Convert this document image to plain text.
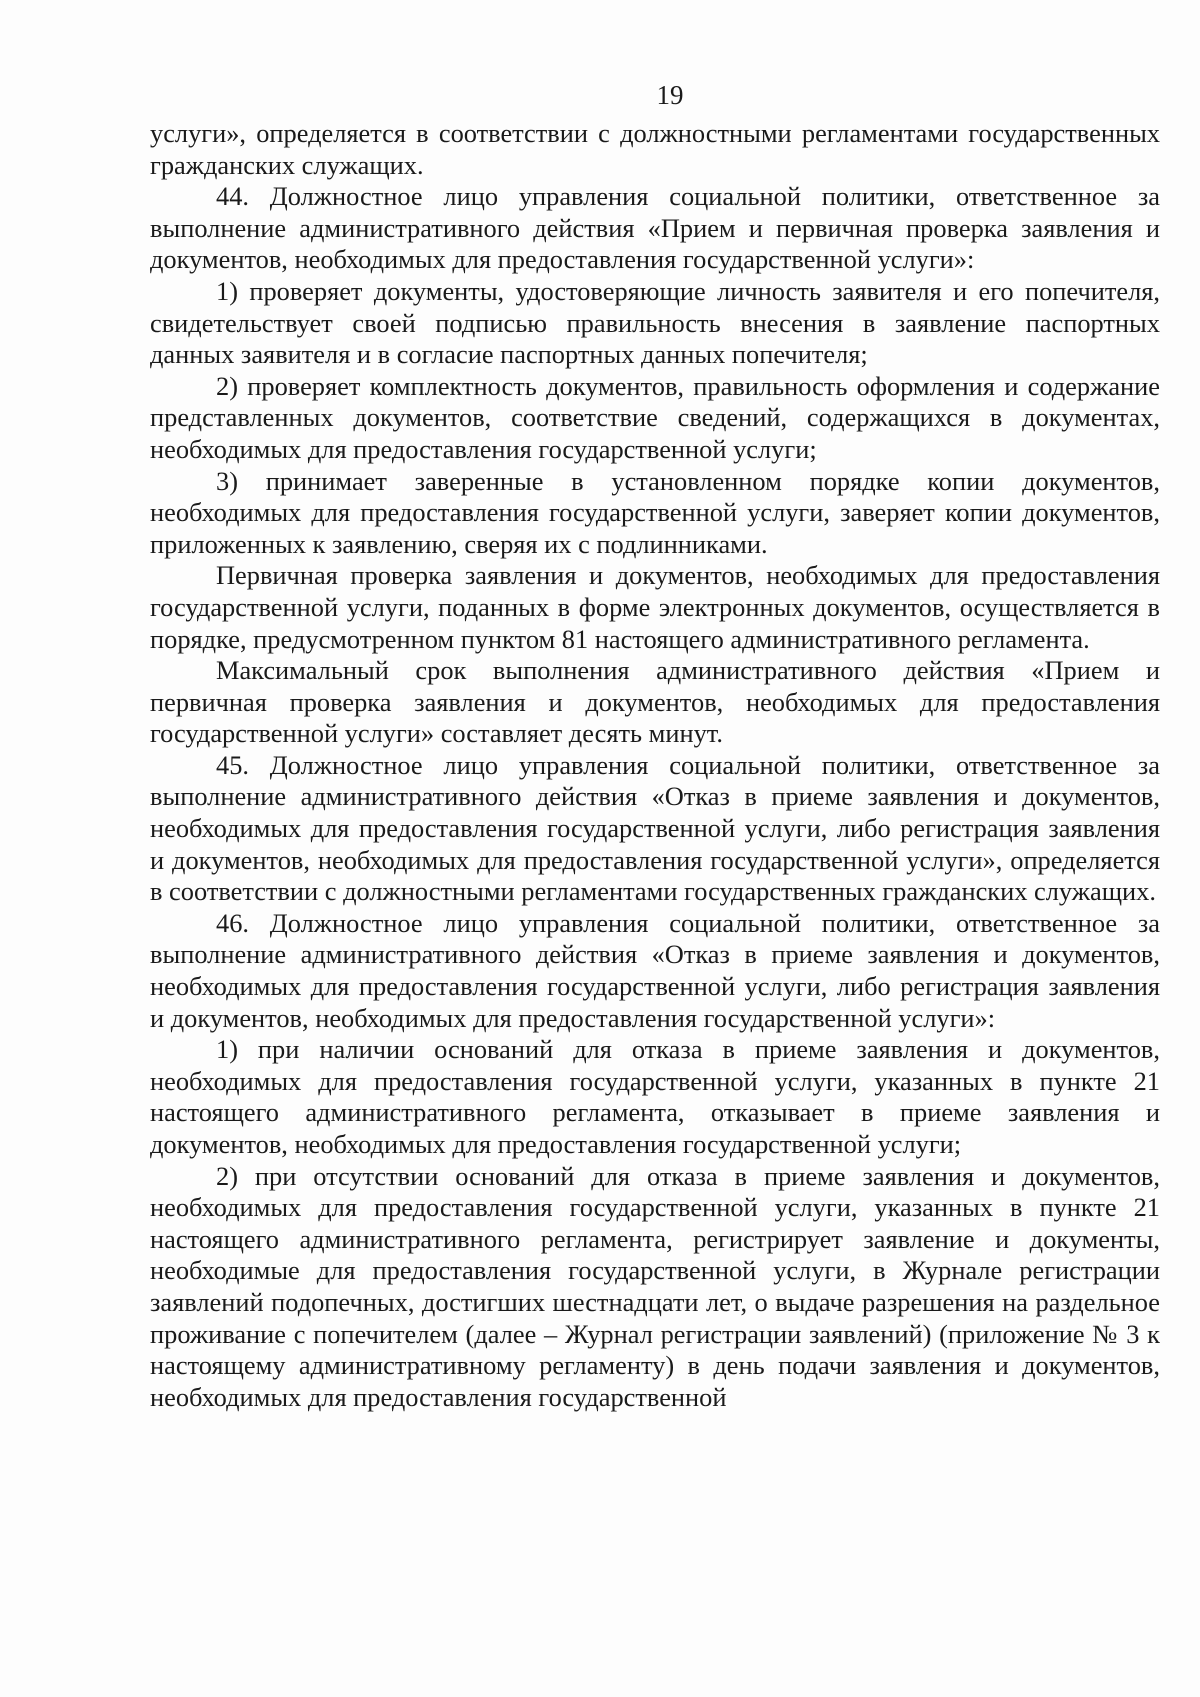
19

услуги», определяется в соответствии с должностными регламентами государственных гражданских служащих.

44. Должностное лицо управления социальной политики, ответственное за выполнение административного действия «Прием и первичная проверка заявления и документов, необходимых для предоставления государственной услуги»:

1) проверяет документы, удостоверяющие личность заявителя и его попечителя, свидетельствует своей подписью правильность внесения в заявление паспортных данных заявителя и в согласие паспортных данных попечителя;

2) проверяет комплектность документов, правильность оформления и содержание представленных документов, соответствие сведений, содержащихся в документах, необходимых для предоставления государственной услуги;

3) принимает заверенные в установленном порядке копии документов, необходимых для предоставления государственной услуги, заверяет копии документов, приложенных к заявлению, сверяя их с подлинниками.

Первичная проверка заявления и документов, необходимых для предоставления государственной услуги, поданных в форме электронных документов, осуществляется в порядке, предусмотренном пунктом 81 настоящего административного регламента.

Максимальный срок выполнения административного действия «Прием и первичная проверка заявления и документов, необходимых для предоставления государственной услуги» составляет десять минут.

45. Должностное лицо управления социальной политики, ответственное за выполнение административного действия «Отказ в приеме заявления и документов, необходимых для предоставления государственной услуги, либо регистрация заявления и документов, необходимых для предоставления государственной услуги», определяется в соответствии с должностными регламентами государственных гражданских служащих.

46. Должностное лицо управления социальной политики, ответственное за выполнение административного действия «Отказ в приеме заявления и документов, необходимых для предоставления государственной услуги, либо регистрация заявления и документов, необходимых для предоставления государственной услуги»:

1) при наличии оснований для отказа в приеме заявления и документов, необходимых для предоставления государственной услуги, указанных в пункте 21 настоящего административного регламента, отказывает в приеме заявления и документов, необходимых для предоставления государственной услуги;

2) при отсутствии оснований для отказа в приеме заявления и документов, необходимых для предоставления государственной услуги, указанных в пункте 21 настоящего административного регламента, регистрирует заявление и документы, необходимые для предоставления государственной услуги, в Журнале регистрации заявлений подопечных, достигших шестнадцати лет, о выдаче разрешения на раздельное проживание с попечителем (далее – Журнал регистрации заявлений) (приложение № 3 к настоящему административному регламенту) в день подачи заявления и документов, необходимых для предоставления государственной
